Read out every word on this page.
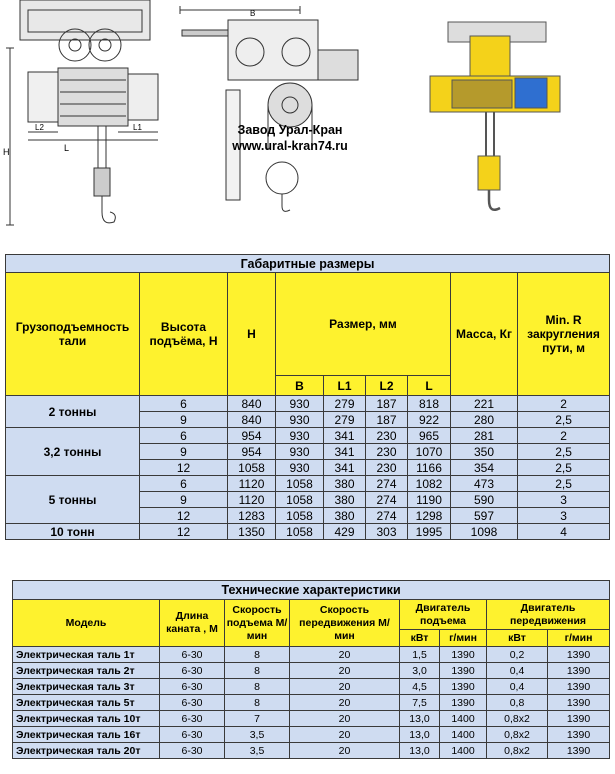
H	L
L2	L1
B
Завод Урал-Кран
www.ural-kran74.ru
Габаритные размеры								
Грузоподъемность тали	Высота подъёма, H	H	Размер, мм				Масса, Кг	Min. R закругления пути, м
			B	L1	L2	L		
2 тонны	6	840	930	279	187	818	221	2
	9	840	930	279	187	922	280	2,5
3,2 тонны	6	954	930	341	230	965	281	2
	9	954	930	341	230	1070	350	2,5
	12	1058	930	341	230	1166	354	2,5
5 тонны	6	1120	1058	380	274	1082	473	2,5
	9	1120	1058	380	274	1190	590	3
	12	1283	1058	380	274	1298	597	3
10 тонн	12	1350	1058	429	303	1995	1098	4
Технические характеристики							
Модель	Длина каната , М	Скорость подъема М/мин	Скорость передвижения М/мин	Двигатель подъема		Двигатель передвижения	
				кВт	г/мин	кВт	г/мин
Электрическая таль 1т	6-30	8	20	1,5	1390	0,2	1390
Электрическая таль 2т	6-30	8	20	3,0	1390	0,4	1390
Электрическая таль 3т	6-30	8	20	4,5	1390	0,4	1390
Электрическая таль 5т	6-30	8	20	7,5	1390	0,8	1390
Электрическая таль 10т	6-30	7	20	13,0	1400	0,8х2	1390
Электрическая таль 16т	6-30	3,5	20	13,0	1400	0,8х2	1390
Электрическая таль 20т	6-30	3,5	20	13,0	1400	0,8х2	1390
